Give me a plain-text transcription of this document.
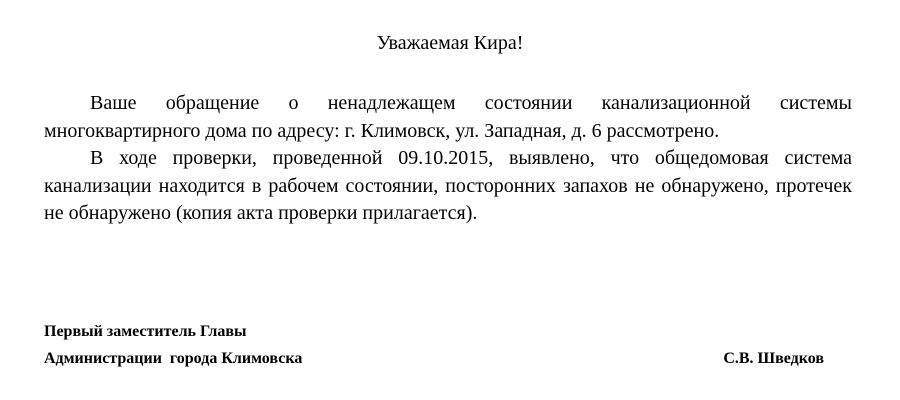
Уважаемая Кира!

Ваше обращение о ненадлежащем состоянии канализационной системы многоквартирного дома по адресу: г. Климовск, ул. Западная, д. 6 рассмотрено.

В ходе проверки, проведенной 09.10.2015, выявлено, что общедомовая система канализации находится в рабочем состоянии, посторонних запахов не обнаружено, протечек не обнаружено (копия акта проверки прилагается).

Первый заместитель Главы
Администрации  города Климовска	С.В. Шведков
